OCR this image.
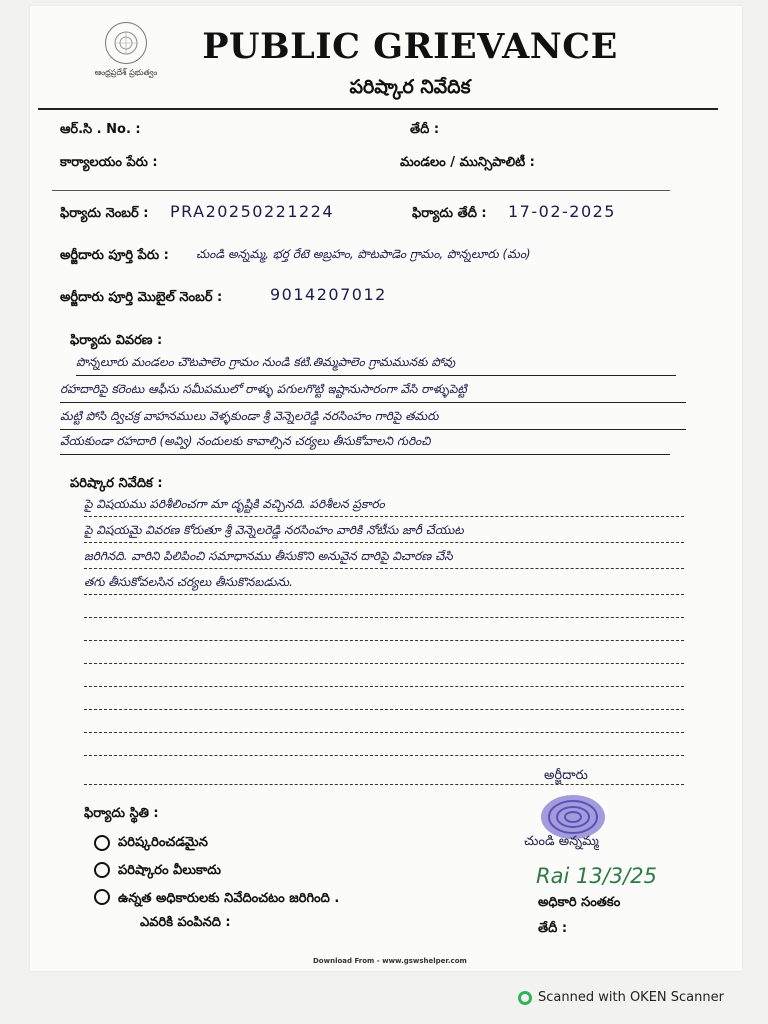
ఆంధ్రప్రదేశ్ ప్రభుత్వం
PUBLIC GRIEVANCE
పరిష్కార నివేదిక
ఆర్.సి . No. :	తేదీ :
కార్యాలయం పేరు :	మండలం / మున్సిపాలిటీ :
ఫిర్యాదు నెంబర్ : PRA20250221224	ఫిర్యాదు తేదీ : 17-02-2025
అర్జీదారు పూర్తి పేరు : చుండి అన్నమ్మ, భర్త రేటె అబ్రహం, పొటపాడెం గ్రామం, పొన్నలూరు (మం)
అర్జీదారు పూర్తి మొబైల్ నెంబర్ :	9014207012
ఫిర్యాదు వివరణ :
పొన్నలూరు మండలం చౌటపాలెం గ్రామం నుండి కటి.తిమ్మపాలెం గ్రామమునకు పోవు
రహదారిపై కరెంటు ఆఫీసు సమీపములో రాళ్ళు పగులగొట్టి ఇష్టానుసారంగా వేసి రాళ్ళుపెట్టి
మట్టి పోసి ద్విచక్ర వాహనములు వెళ్ళకుండా శ్రీ వెన్నెలరెడ్డి నరసింహం గారిపై తమరు
వేయకుండా రహదారి (అవ్వి) నందులకు కావాల్సిన చర్యలు తీసుకోవాలని గురించి
పరిష్కార నివేదిక :
పై విషయము పరిశీలించగా మా దృష్టికి వచ్చినది. పరిశీలన ప్రకారం
పై విషయమై వివరణ కోరుతూ శ్రీ వెన్నెలరెడ్డి నరసింహం వారికి నోటీసు జారీ చేయుట
జరిగినది. వారిని పిలిపించి సమాధానము తీసుకొని అనువైన దారిపై విచారణ చేసి
తగు తీసుకోవలసిన చర్యలు తీసుకొనబడును.
అర్జీదారు
ఫిర్యాదు స్థితి :
పరిష్కరించడమైన
పరిష్కారం వీలుకాదు
ఉన్నత అధికారులకు నివేదించటం జరిగింది .
ఎవరికి పంపినది :
చుండి అన్నమ్మ
Rai 13/3/25
అధికారి సంతకం
తేదీ :
Download From - www.gswshelper.com
Scanned with OKEN Scanner
